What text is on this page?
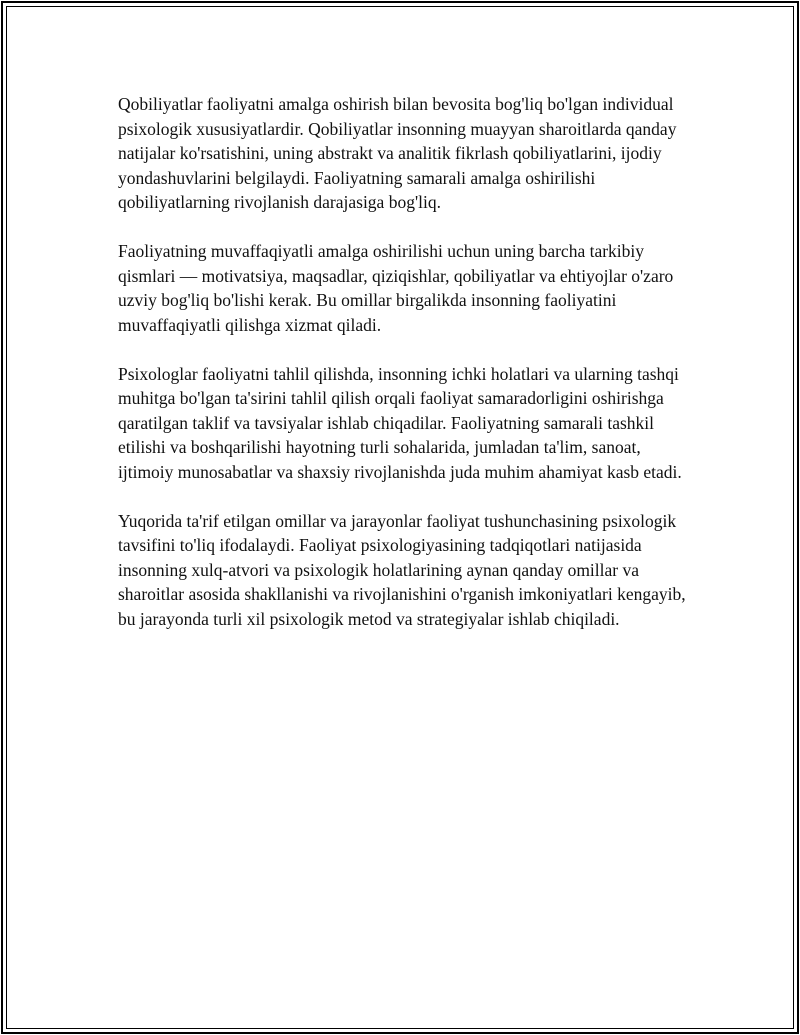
Qobiliyatlar faoliyatni amalga oshirish bilan bevosita bog'liq bo'lgan individual psixologik xususiyatlardir. Qobiliyatlar insonning muayyan sharoitlarda qanday natijalar ko'rsatishini, uning abstrakt va analitik fikrlash qobiliyatlarini, ijodiy yondashuvlarini belgilaydi. Faoliyatning samarali amalga oshirilishi qobiliyatlarning rivojlanish darajasiga bog'liq.

Faoliyatning muvaffaqiyatli amalga oshirilishi uchun uning barcha tarkibiy qismlari — motivatsiya, maqsadlar, qiziqishlar, qobiliyatlar va ehtiyojlar o'zaro uzviy bog'liq bo'lishi kerak. Bu omillar birgalikda insonning faoliyatini muvaffaqiyatli qilishga xizmat qiladi.

Psixologlar faoliyatni tahlil qilishda, insonning ichki holatlari va ularning tashqi muhitga bo'lgan ta'sirini tahlil qilish orqali faoliyat samaradorligini oshirishga qaratilgan taklif va tavsiyalar ishlab chiqadilar. Faoliyatning samarali tashkil etilishi va boshqarilishi hayotning turli sohalarida, jumladan ta'lim, sanoat, ijtimoiy munosabatlar va shaxsiy rivojlanishda juda muhim ahamiyat kasb etadi.

Yuqorida ta'rif etilgan omillar va jarayonlar faoliyat tushunchasining psixologik tavsifini to'liq ifodalaydi. Faoliyat psixologiyasining tadqiqotlari natijasida insonning xulq-atvori va psixologik holatlarining aynan qanday omillar va sharoitlar asosida shakllanishi va rivojlanishini o'rganish imkoniyatlari kengayib, bu jarayonda turli xil psixologik metod va strategiyalar ishlab chiqiladi.
